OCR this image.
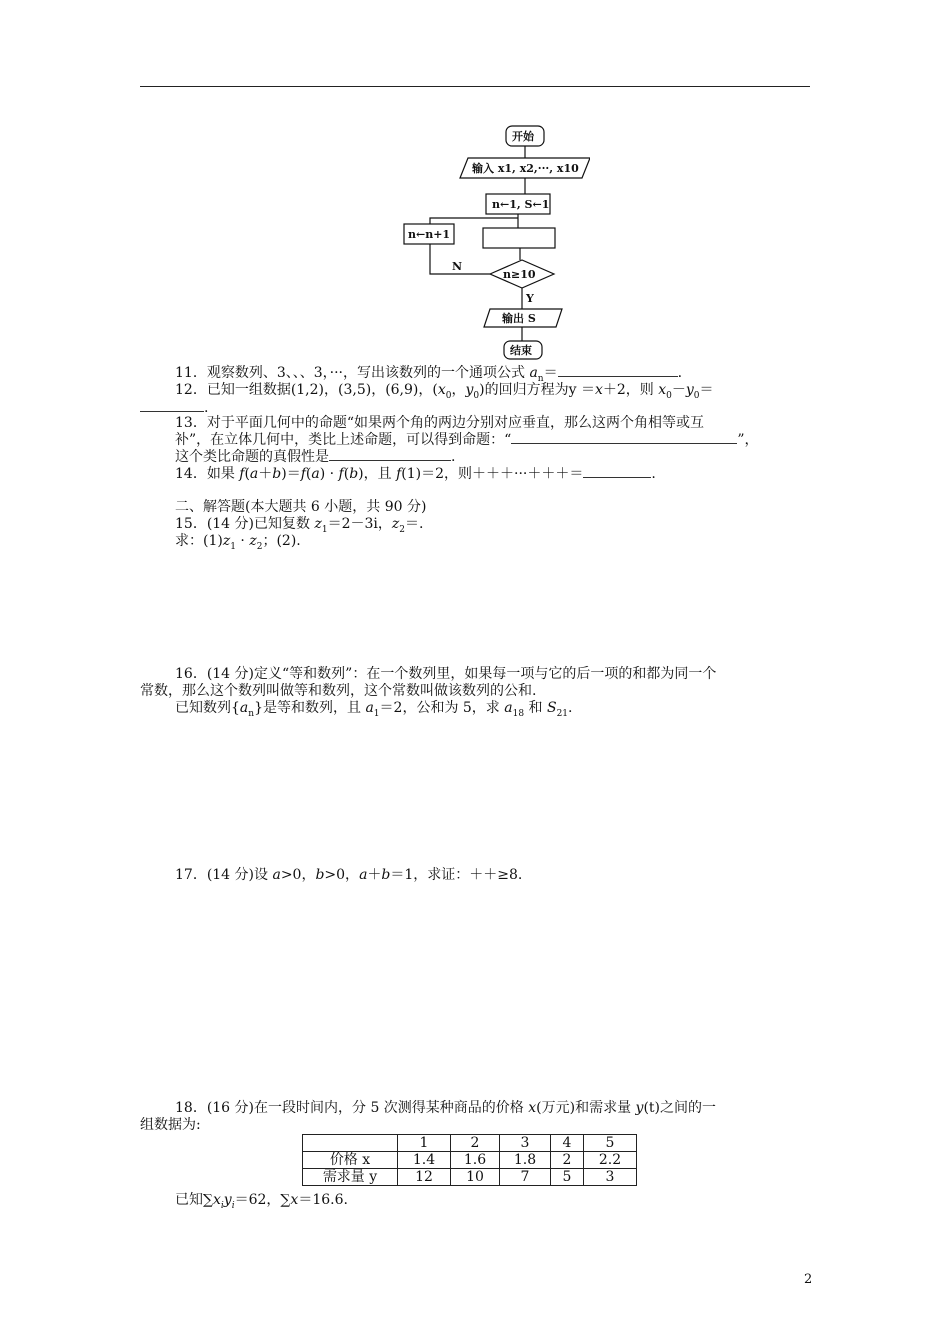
开始
输入 x1, x2,···, x10
n←1, S←1
n←n+1
n≥10
N
Y
输出 S
结束
11．观察数列、3、、、3，···，写出该数列的一个通项公式 $a_n=$	.
12．已知一组数据(1,2)，(3,5)，(6,9)，($x_0$，$y_0$)的回归方程为y ＝x＋2，则 $x_0-y_0=$
.
13．对于平面几何中的命题“如果两个角的两边分别对应垂直，那么这两个角相等或互
补”，在立体几何中，类比上述命题，可以得到命题：“	”，
这个类比命题的真假性是	.
14．如果 f(a＋b)＝f(a) · f(b)，且 f(1)＝2，则＋＋＋···＋＋＋＝	.
二、解答题(本大题共 6 小题，共 90 分)
15．(14 分)已知复数 $z_1=2-3i$，$z_2=$.
求：$(1)z_1 \cdot z_2$；(2).
16．(14 分)定义“等和数列”：在一个数列里，如果每一项与它的后一项的和都为同一个
常数，那么这个数列叫做等和数列，这个常数叫做该数列的公和.
已知数列$\{a_n\}$是等和数列，且 $a_1=2$，公和为 5，求 $a_{18}$ 和 $S_{21}$.
17．(14 分)设 a>0，b>0，a＋b＝1，求证：＋＋≥8.
18．(16 分)在一段时间内，分 5 次测得某种商品的价格 x(万元)和需求量 y(t)之间的一
组数据为:
	1	2	3	4	5
价格 x	1.4	1.6	1.8	2	2.2
需求量 y	12	10	7	5	3
已知$\sum x_iy_i=62$，∑x＝16.6.
2
